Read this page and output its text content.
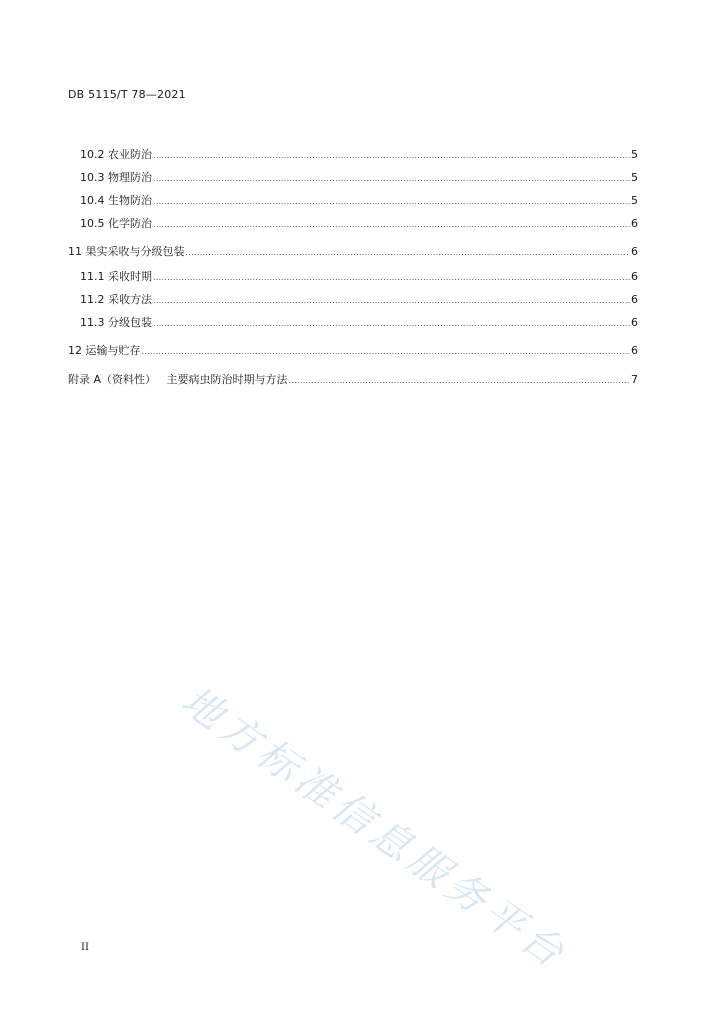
DB 5115/T 78—2021
10.2 农业防治 .....	5
10.3 物理防治 .....	5
10.4 生物防治 .....	5
10.5 化学防治 .....	6
11 果实采收与分级包装 .....	6
11.1 采收时期 .....	6
11.2 采收方法 .....	6
11.3 分级包装 .....	6
12 运输与贮存 .....	6
附录 A（资料性） 主要病虫防治时期与方法 .....	7
地方标准信息服务平台
II
